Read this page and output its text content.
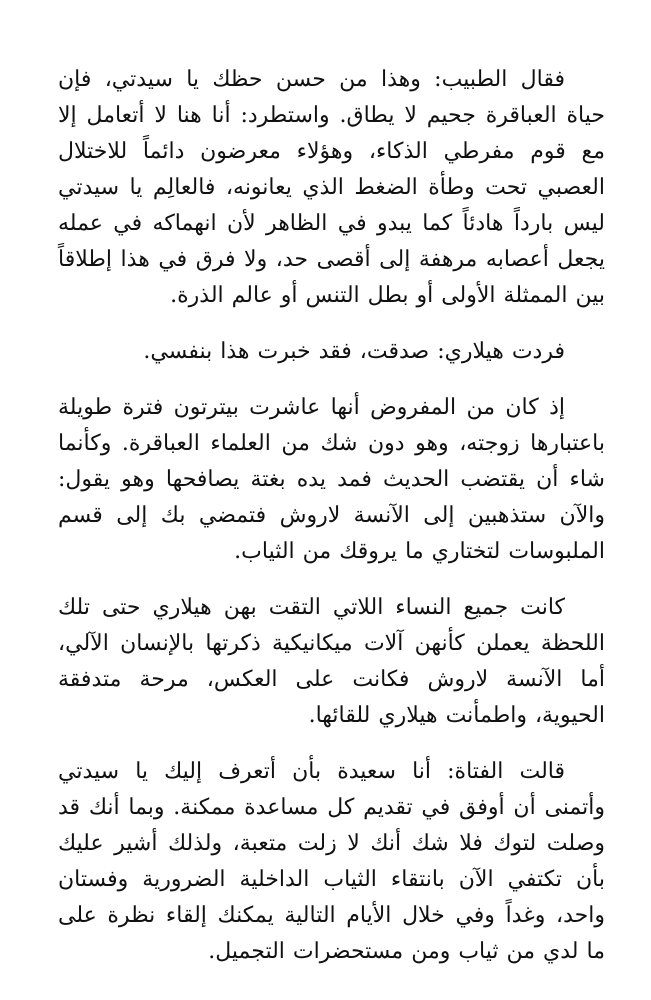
فقال الطبيب: وهذا من حسن حظك يا سيدتي، فإن حياة العباقرة جحيم لا يطاق. واستطرد: أنا هنا لا أتعامل إلا مع قوم مفرطي الذكاء، وهؤلاء معرضون دائماً للاختلال العصبي تحت وطأة الضغط الذي يعانونه، فالعالِم يا سيدتي ليس بارداً هادئاً كما يبدو في الظاهر لأن انهماكه في عمله يجعل أعصابه مرهفة إلى أقصى حد، ولا فرق في هذا إطلاقاً بين الممثلة الأولى أو بطل التنس أو عالم الذرة.

فردت هيلاري: صدقت، فقد خبرت هذا بنفسي.

إذ كان من المفروض أنها عاشرت بيترتون فترة طويلة باعتبارها زوجته، وهو دون شك من العلماء العباقرة. وكأنما شاء أن يقتضب الحديث فمد يده بغتة يصافحها وهو يقول: والآن ستذهبين إلى الآنسة لاروش فتمضي بك إلى قسم الملبوسات لتختاري ما يروقك من الثياب.

كانت جميع النساء اللاتي التقت بهن هيلاري حتى تلك اللحظة يعملن كأنهن آلات ميكانيكية ذكرتها بالإنسان الآلي، أما الآنسة لاروش فكانت على العكس، مرحة متدفقة الحيوية، واطمأنت هيلاري للقائها.

قالت الفتاة: أنا سعيدة بأن أتعرف إليك يا سيدتي وأتمنى أن أوفق في تقديم كل مساعدة ممكنة. وبما أنك قد وصلت لتوك فلا شك أنك لا زلت متعبة، ولذلك أشير عليك بأن تكتفي الآن بانتقاء الثياب الداخلية الضرورية وفستان واحد، وغداً وفي خلال الأيام التالية يمكنك إلقاء نظرة على ما لدي من ثياب ومن مستحضرات التجميل.
